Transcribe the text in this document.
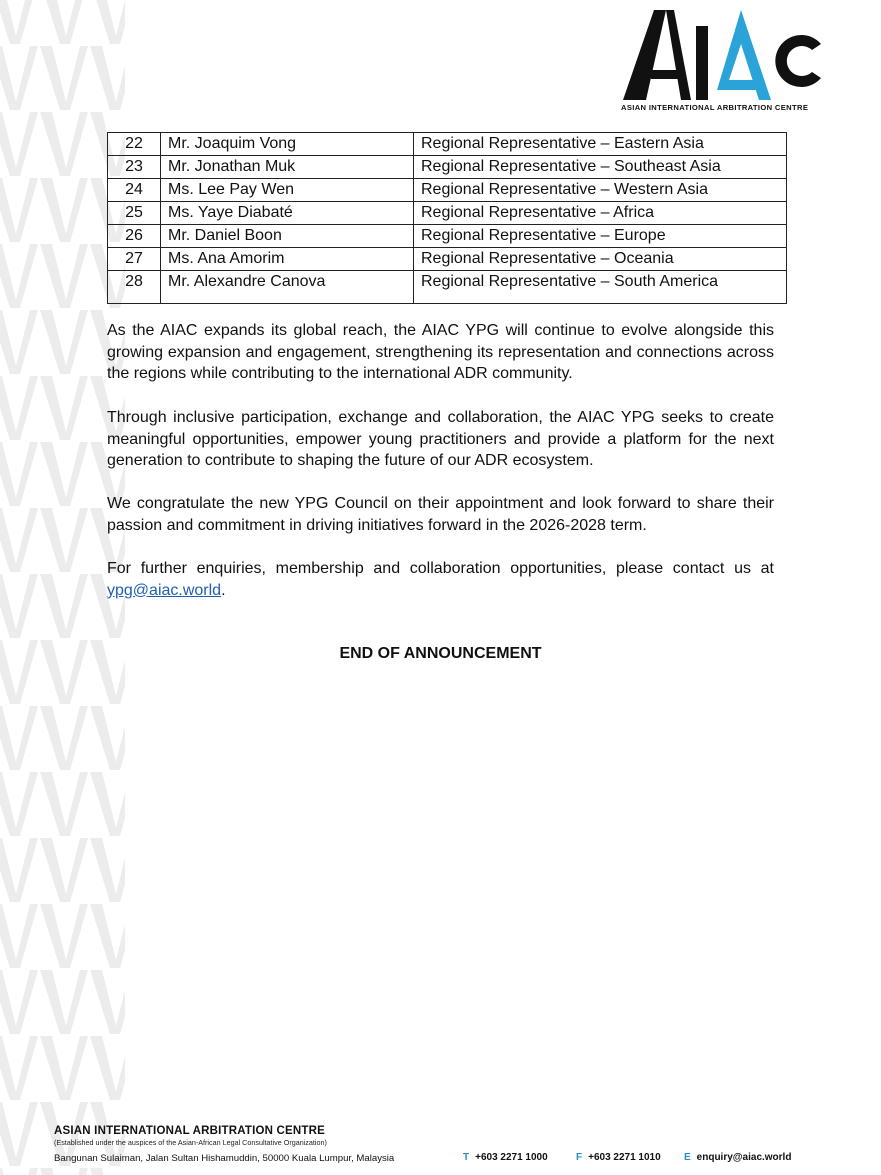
ASIAN INTERNATIONAL ARBITRATION CENTRE
22	Mr. Joaquim Vong	Regional Representative – Eastern Asia
23	Mr. Jonathan Muk	Regional Representative – Southeast Asia
24	Ms. Lee Pay Wen	Regional Representative – Western Asia
25	Ms. Yaye Diabaté	Regional Representative – Africa
26	Mr. Daniel Boon	Regional Representative – Europe
27	Ms. Ana Amorim	Regional Representative – Oceania
28	Mr. Alexandre Canova	Regional Representative – South America

As the AIAC expands its global reach, the AIAC YPG will continue to evolve alongside this growing expansion and engagement, strengthening its representation and connections across the regions while contributing to the international ADR community.

Through inclusive participation, exchange and collaboration, the AIAC YPG seeks to create meaningful opportunities, empower young practitioners and provide a platform for the next generation to contribute to shaping the future of our ADR ecosystem.

We congratulate the new YPG Council on their appointment and look forward to share their passion and commitment in driving initiatives forward in the 2026-2028 term.

For further enquiries, membership and collaboration opportunities, please contact us at ypg@aiac.world.

END OF ANNOUNCEMENT
ASIAN INTERNATIONAL ARBITRATION CENTRE
(Established under the auspices of the Asian-African Legal Consultative Organization)
Bangunan Sulaiman, Jalan Sultan Hishamuddin, 50000 Kuala Lumpur, Malaysia	T +603 2271 1000	F +603 2271 1010 E enquiry@aiac.world
